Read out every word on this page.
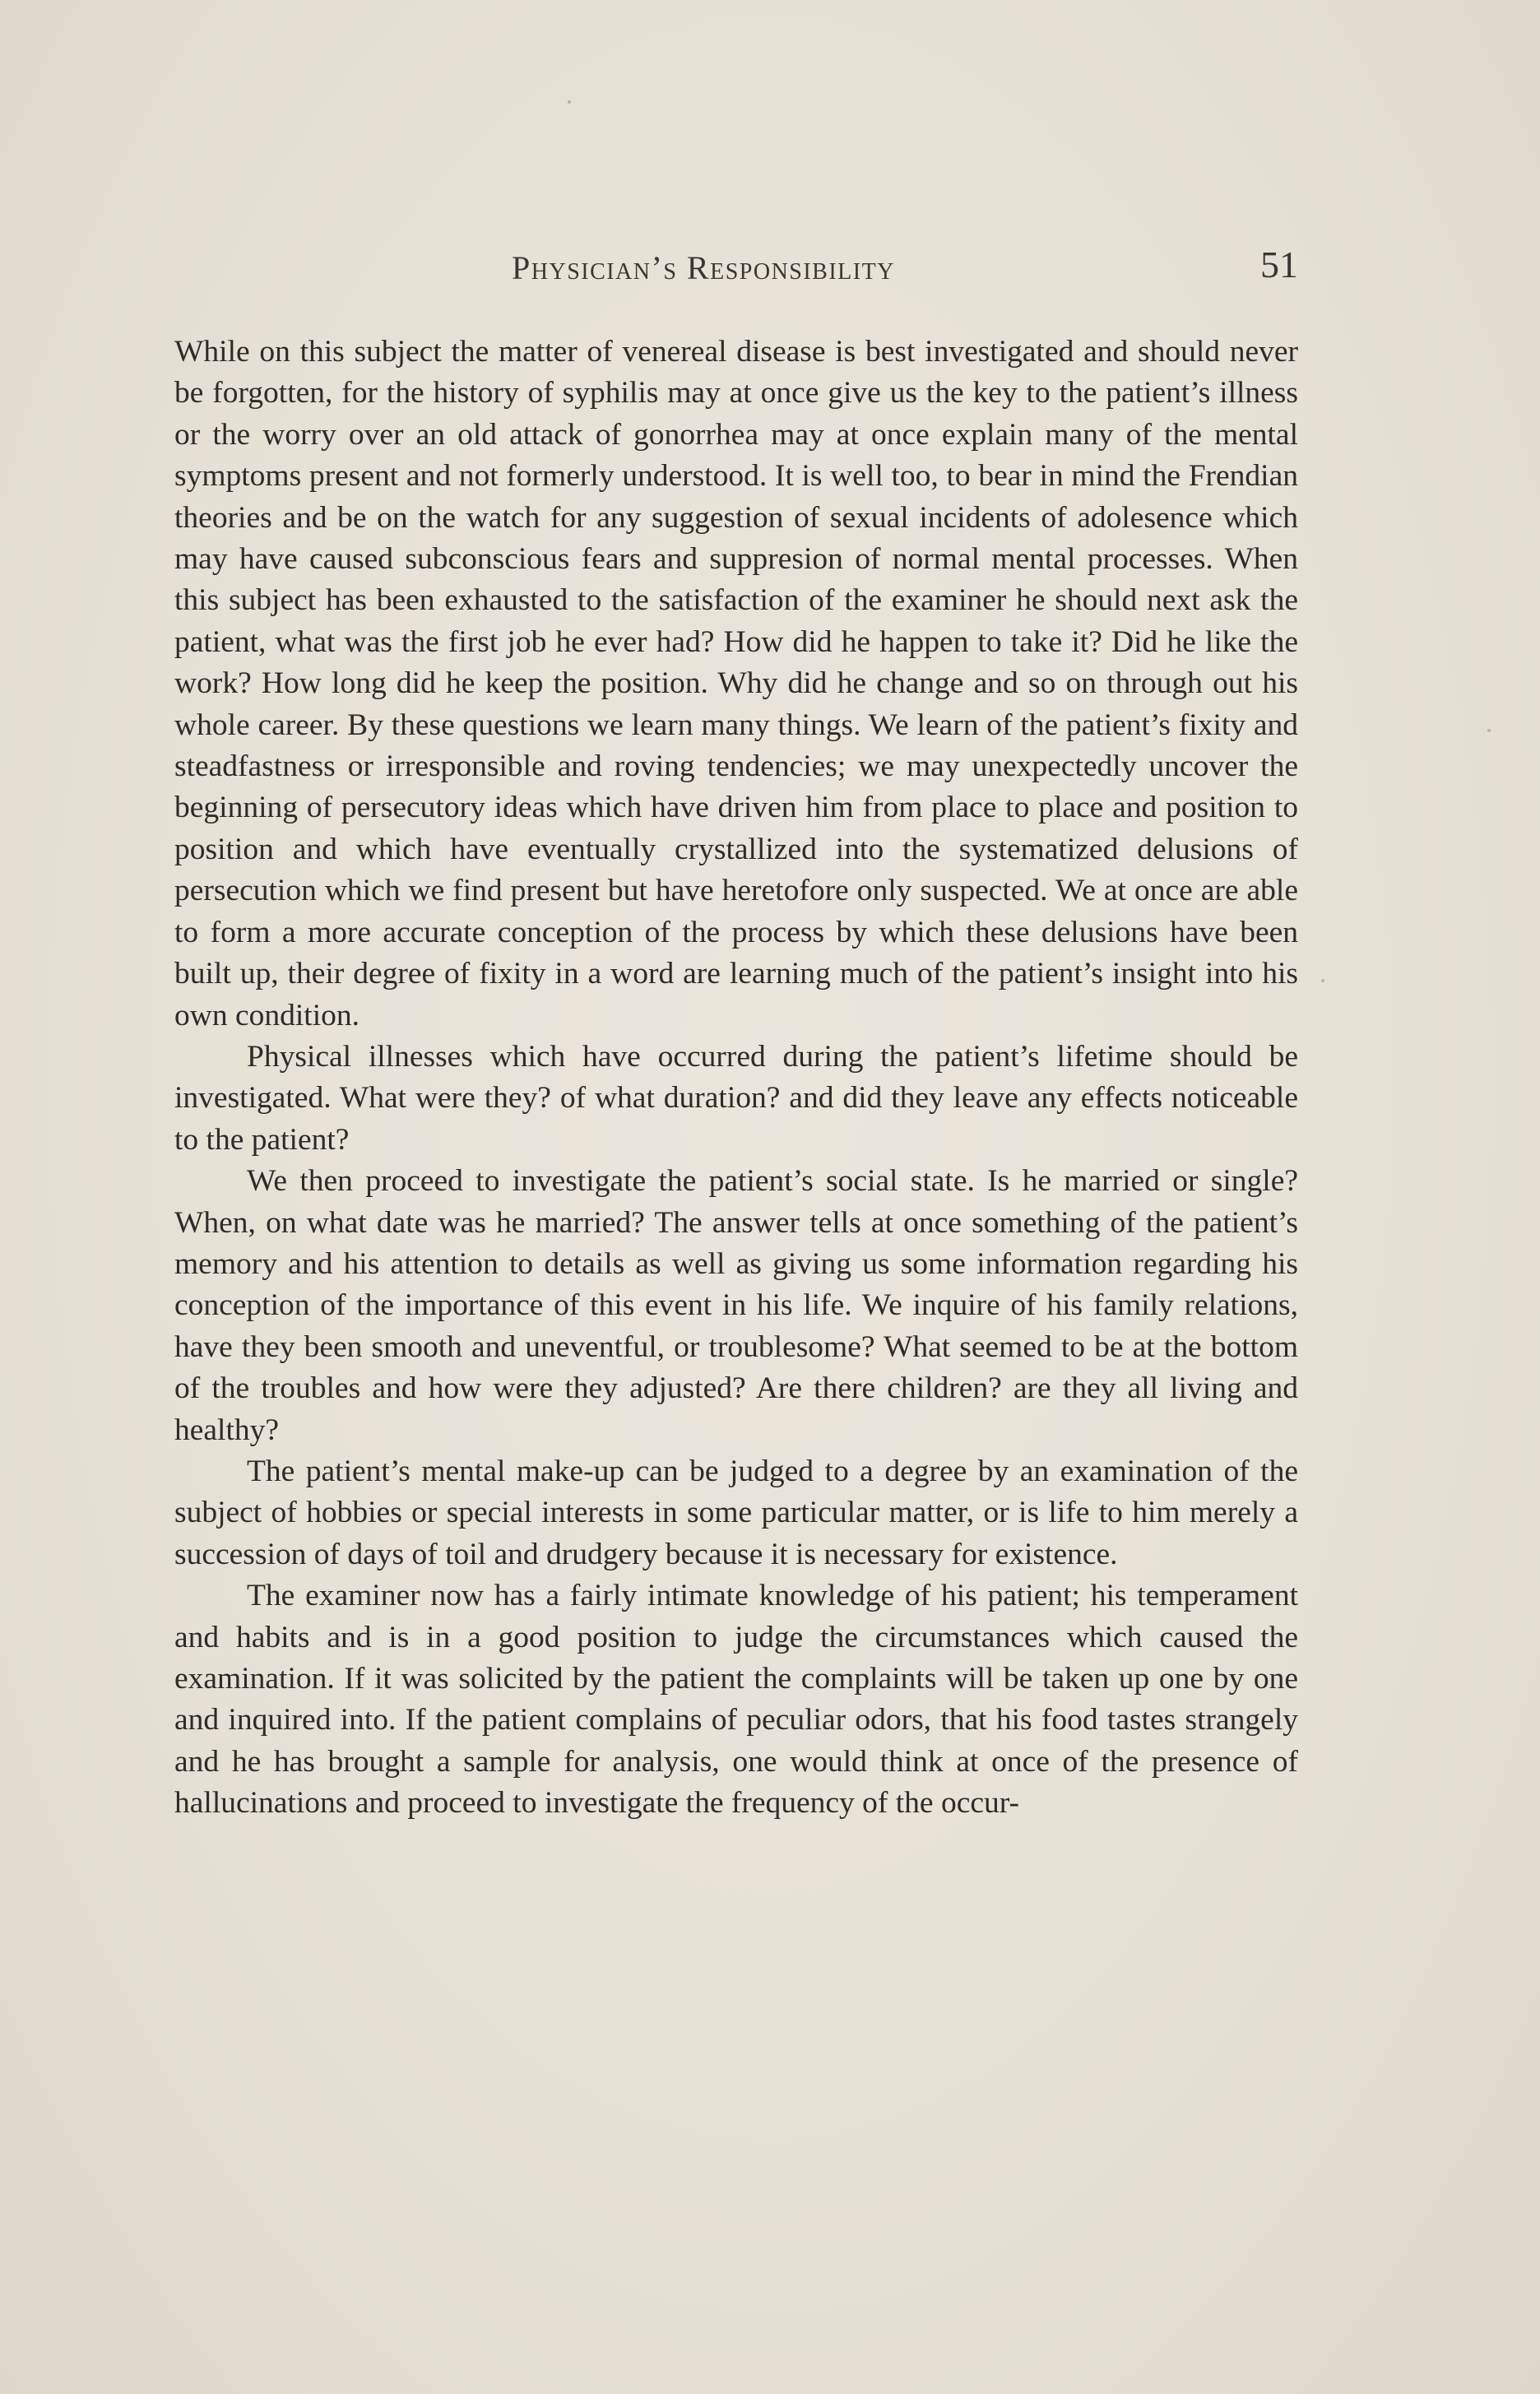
Physician’s Responsibility	51

While on this subject the matter of venereal disease is best investigated and should never be forgotten, for the history of syphilis may at once give us the key to the patient’s illness or the worry over an old attack of gonorrhea may at once explain many of the mental symptoms present and not formerly understood. It is well too, to bear in mind the Frendian theories and be on the watch for any suggestion of sexual incidents of adolesence which may have caused subconscious fears and suppresion of normal mental processes. When this subject has been exhausted to the satisfaction of the examiner he should next ask the patient, what was the first job he ever had? How did he happen to take it? Did he like the work? How long did he keep the position. Why did he change and so on through out his whole career. By these questions we learn many things. We learn of the patient’s fixity and steadfastness or irresponsible and roving tendencies; we may unexpectedly uncover the beginning of persecutory ideas which have driven him from place to place and position to position and which have eventually crystallized into the systematized delusions of persecution which we find present but have heretofore only suspected. We at once are able to form a more accurate conception of the process by which these delusions have been built up, their degree of fixity in a word are learning much of the patient’s insight into his own condition.

Physical illnesses which have occurred during the patient’s lifetime should be investigated. What were they? of what duration? and did they leave any effects noticeable to the patient?

We then proceed to investigate the patient’s social state. Is he married or single? When, on what date was he married? The answer tells at once something of the patient’s memory and his attention to details as well as giving us some information regarding his conception of the importance of this event in his life. We inquire of his family relations, have they been smooth and uneventful, or troublesome? What seemed to be at the bottom of the troubles and how were they adjusted? Are there children? are they all living and healthy?

The patient’s mental make-up can be judged to a degree by an examination of the subject of hobbies or special interests in some particular matter, or is life to him merely a succession of days of toil and drudgery because it is necessary for existence.

The examiner now has a fairly intimate knowledge of his patient; his temperament and habits and is in a good position to judge the circumstances which caused the examination. If it was solicited by the patient the complaints will be taken up one by one and inquired into. If the patient complains of peculiar odors, that his food tastes strangely and he has brought a sample for analysis, one would think at once of the presence of hallucinations and proceed to investigate the frequency of the occur-
